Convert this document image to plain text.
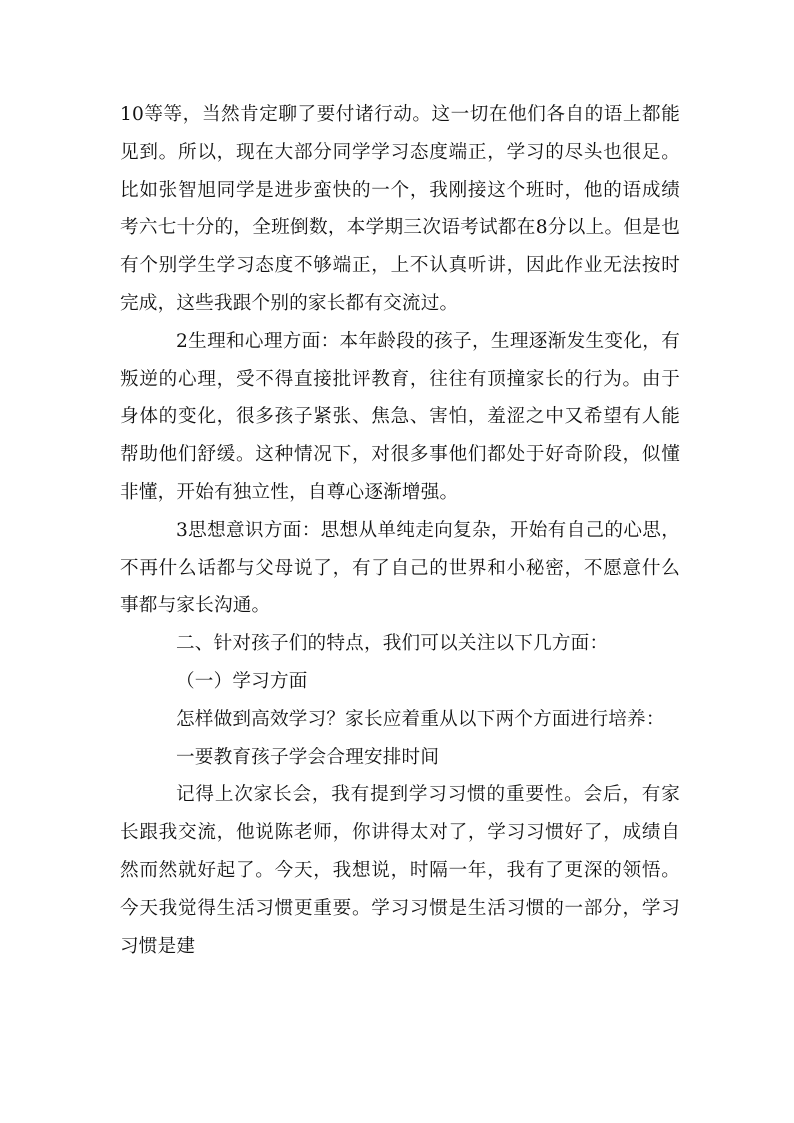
10等等，当然肯定聊了要付诸行动。这一切在他们各自的语上都能见到。所以，现在大部分同学学习态度端正，学习的尽头也很足。比如张智旭同学是进步蛮快的一个，我刚接这个班时，他的语成绩考六七十分的，全班倒数，本学期三次语考试都在8分以上。但是也有个别学生学习态度不够端正，上不认真听讲，因此作业无法按时完成，这些我跟个别的家长都有交流过。

2生理和心理方面：本年龄段的孩子，生理逐渐发生变化，有叛逆的心理，受不得直接批评教育，往往有顶撞家长的行为。由于身体的变化，很多孩子紧张、焦急、害怕，羞涩之中又希望有人能帮助他们舒缓。这种情况下，对很多事他们都处于好奇阶段，似懂非懂，开始有独立性，自尊心逐渐增强。

3思想意识方面：思想从单纯走向复杂，开始有自己的心思，不再什么话都与父母说了，有了自己的世界和小秘密，不愿意什么事都与家长沟通。

二、针对孩子们的特点，我们可以关注以下几方面：

（一）学习方面

怎样做到高效学习？家长应着重从以下两个方面进行培养：

一要教育孩子学会合理安排时间

记得上次家长会，我有提到学习习惯的重要性。会后，有家长跟我交流，他说陈老师，你讲得太对了，学习习惯好了，成绩自然而然就好起了。今天，我想说，时隔一年，我有了更深的领悟。今天我觉得生活习惯更重要。学习习惯是生活习惯的一部分，学习习惯是建
